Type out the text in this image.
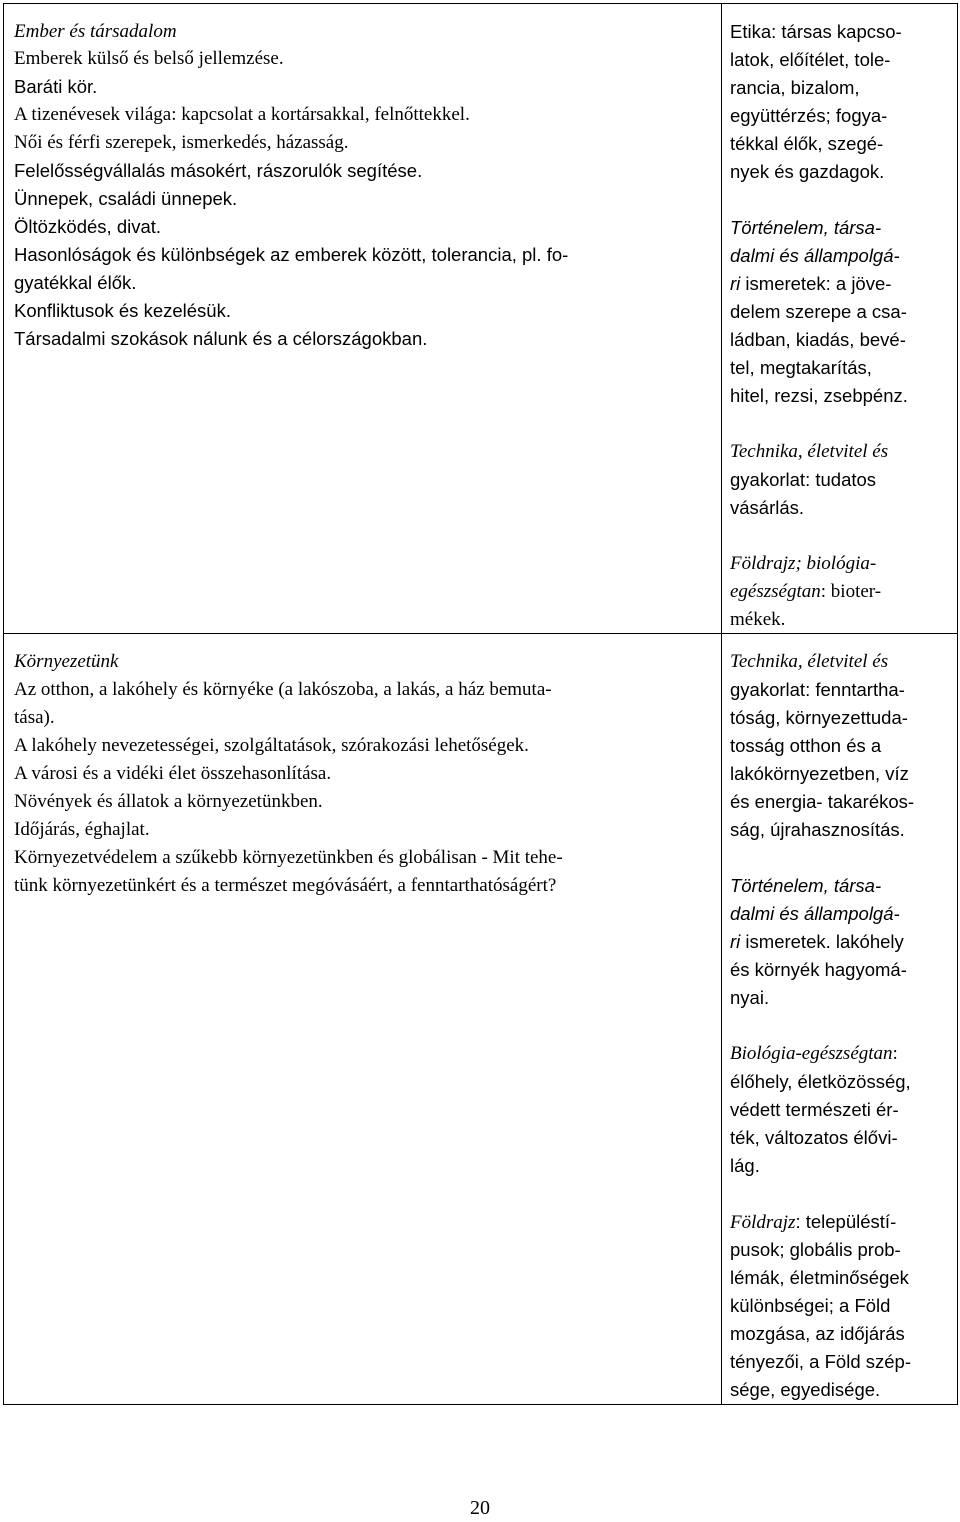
Ember és társadalom
Emberek külső és belső jellemzése.
Baráti kör.
A tizenévesek világa: kapcsolat a kortársakkal, felnőttekkel.
Női és férfi szerepek, ismerkedés, házasság.
Felelősségvállalás másokért, rászorulók segítése.
Ünnepek, családi ünnepek.
Öltözködés, divat.
Hasonlóságok és különbségek az emberek között, tolerancia, pl. fo-
gyatékkal élők.
Konfliktusok és kezelésük.
Társadalmi szokások nálunk és a célországokban.
Etika: társas kapcso-
latok, előítélet, tole-
rancia, bizalom,
együttérzés; fogya-
tékkal élők, szegé-
nyek és gazdagok.
Történelem, társa-
dalmi és állampolgá-
ri ismeretek: a jöve-
delem szerepe a csa-
ládban, kiadás, bevé-
tel, megtakarítás,
hitel, rezsi, zsebpénz.
Technika, életvitel és
gyakorlat: tudatos
vásárlás.
Földrajz; biológia-
egészségtan: bioter-
mékek.
Környezetünk
Az otthon, a lakóhely és környéke (a lakószoba, a lakás, a ház bemuta-
tása).
A lakóhely nevezetességei, szolgáltatások, szórakozási lehetőségek.
A városi és a vidéki élet összehasonlítása.
Növények és állatok a környezetünkben.
Időjárás, éghajlat.
Környezetvédelem a szűkebb környezetünkben és globálisan - Mit tehe-
tünk környezetünkért és a természet megóvásáért, a fenntarthatóságért?
Technika, életvitel és
gyakorlat: fenntartha-
tóság, környezettuda-
tosság otthon és a
lakókörnyezetben, víz
és energia- takarékos-
ság, újrahasznosítás.
Történelem, társa-
dalmi és állampolgá-
ri ismeretek. lakóhely
és környék hagyomá-
nyai.
Biológia-egészségtan:
élőhely, életközösség,
védett természeti ér-
ték, változatos élővi-
lág.
Földrajz: településtí-
pusok; globális prob-
lémák, életminőségek
különbségei; a Föld
mozgása, az időjárás
tényezői, a Föld szép-
sége, egyedisége.
20
